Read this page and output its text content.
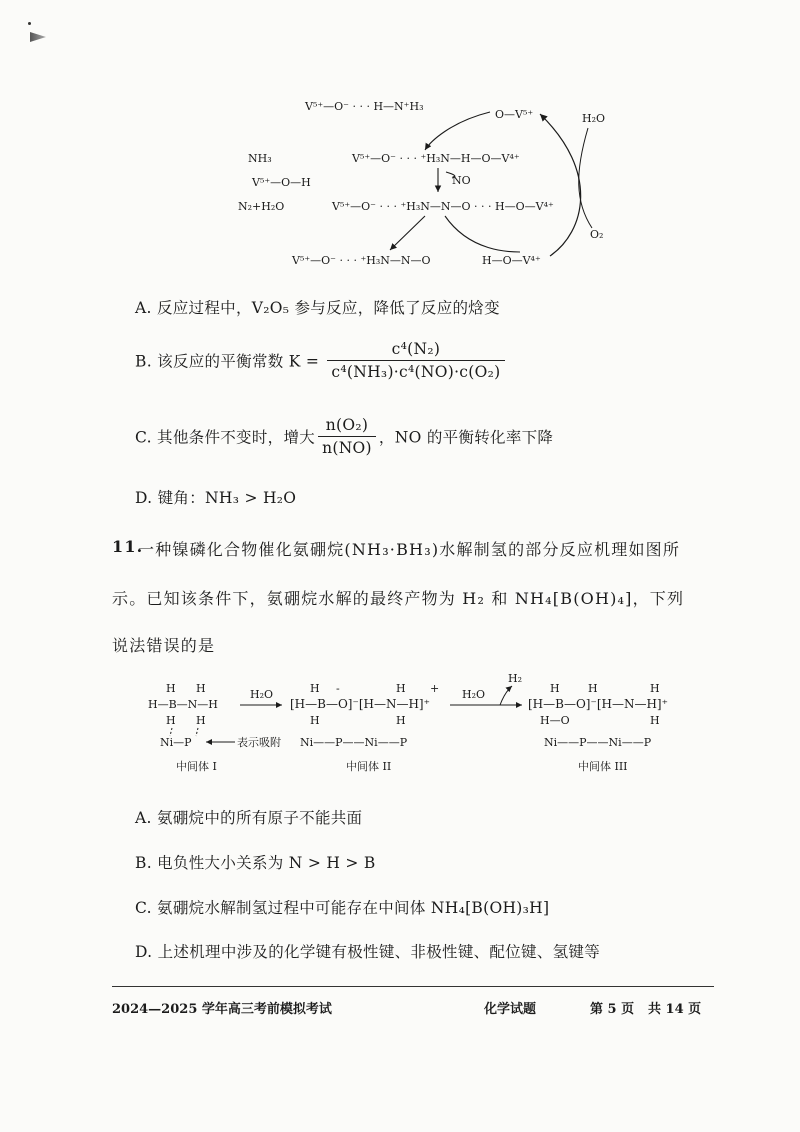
V⁵⁺—O⁻ · · · H—N⁺H₃
O—V⁵⁺	H₂O
NH₃
V⁵⁺—O—H
N₂+H₂O
V⁵⁺—O⁻ · · · ⁺H₃N—H—O—V⁴⁺
NO
V⁵⁺—O⁻ · · · ⁺H₃N—N—O · · · H—O—V⁴⁺
O₂
V⁵⁺—O⁻ · · · ⁺H₃N—N—O	H—O—V⁴⁺
A. 反应过程中，V₂O₅ 参与反应，降低了反应的焓变
B. 该反应的平衡常数 $K = \frac{\text{c⁴(N₂)}}{\text{c⁴(NH₃)·c⁴(NO)·c(O₂)}}$
C. 其他条件不变时，增大 $\frac{\text{n(O₂)}}{n(NO)}$ ，NO 的平衡转化率下降
D. 键角：NH₃ > H₂O
11.
一种镍磷化合物催化氨硼烷(NH₃·BH₃)水解制氢的部分反应机理如图所
示。已知该条件下，氨硼烷水解的最终产物为 H₂ 和 NH₄[B(OH)₄]，下列
说法错误的是
H H
H—B—N—H
H H
Ni—P	表示吸附
中间体 I
H₂O	H -	H +
[H—B—O]⁻[H—N—H]⁺
H	H
Ni——P——Ni——P
中间体 II
H₂O
H₂
H	H	H
[H—B—O]⁻[H—N—H]⁺
H—O	H
Ni——P——Ni——P
中间体 III
A. 氨硼烷中的所有原子不能共面
B. 电负性大小关系为 N > H > B
C. 氨硼烷水解制氢过程中可能存在中间体 NH₄[B(OH)₃H]
D. 上述机理中涉及的化学键有极性键、非极性键、配位键、氢键等
2024—2025 学年高三考前模拟考试	化学试题	第 5 页 共 14 页
